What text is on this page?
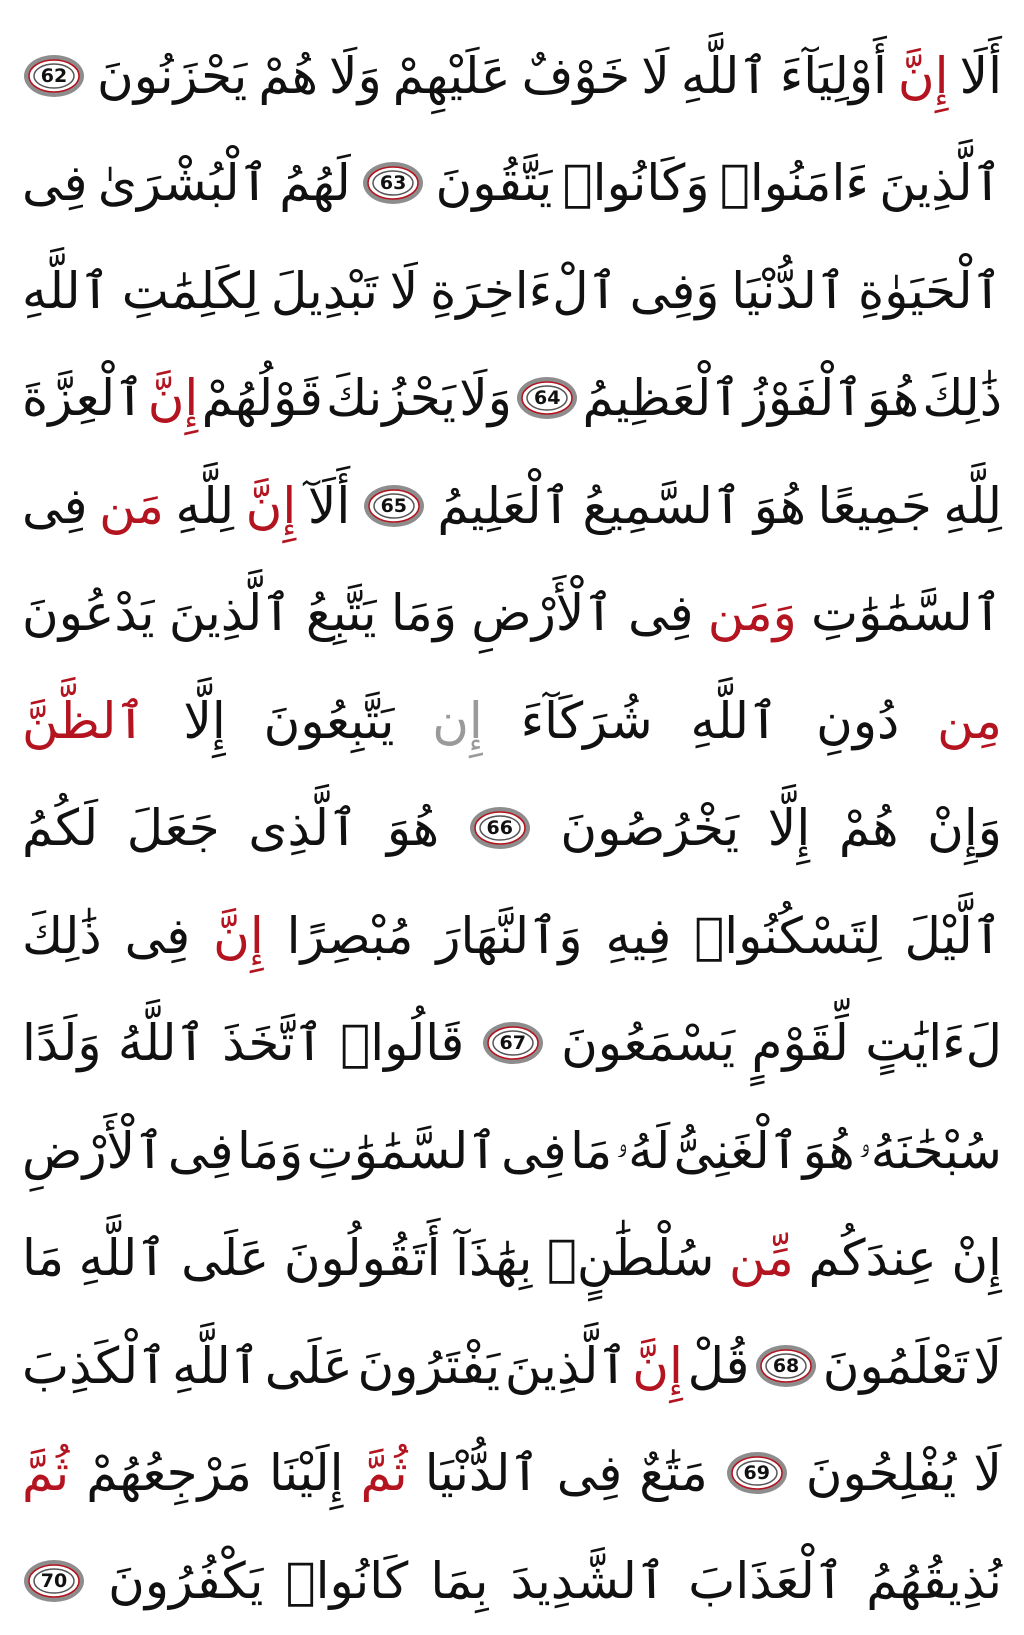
أَلَا
إِنَّ
أَوْلِيَآءَ
ٱللَّهِ
لَا
خَوْفٌ
عَلَيْهِمْ
وَلَا
هُمْ
يَحْزَنُونَ
62
ٱلَّذِينَ
ءَامَنُوا۟
وَكَانُوا۟
يَتَّقُونَ
63
لَهُمُ
ٱلْبُشْرَىٰ
فِى
ٱلْحَيَوٰةِ
ٱلدُّنْيَا
وَفِى
ٱلْءَاخِرَةِ
لَا
تَبْدِيلَ
لِكَلِمَٰتِ
ٱللَّهِ
ذَٰلِكَ
هُوَ
ٱلْفَوْزُ
ٱلْعَظِيمُ
64
وَلَا
يَحْزُنكَ
قَوْلُهُمْ
إِنَّ
ٱلْعِزَّةَ
لِلَّهِ
جَمِيعًا
هُوَ
ٱلسَّمِيعُ
ٱلْعَلِيمُ
65
أَلَآ
إِنَّ
لِلَّهِ
مَن
فِى
ٱلسَّمَٰوَٰتِ
وَمَن
فِى
ٱلْأَرْضِ
وَمَا
يَتَّبِعُ
ٱلَّذِينَ
يَدْعُونَ
مِن
دُونِ
ٱللَّهِ
شُرَكَآءَ
إِن
يَتَّبِعُونَ
إِلَّا
ٱلظَّنَّ
وَإِنْ
هُمْ
إِلَّا
يَخْرُصُونَ
66
هُوَ
ٱلَّذِى
جَعَلَ
لَكُمُ
ٱلَّيْلَ
لِتَسْكُنُوا۟
فِيهِ
وَٱلنَّهَارَ
مُبْصِرًا
إِنَّ
فِى
ذَٰلِكَ
لَءَايَٰتٍ
لِّقَوْمٍ
يَسْمَعُونَ
67
قَالُوا۟
ٱتَّخَذَ
ٱللَّهُ
وَلَدًا
سُبْحَٰنَهُۥ
هُوَ
ٱلْغَنِىُّ
لَهُۥ
مَا
فِى
ٱلسَّمَٰوَٰتِ
وَمَا
فِى
ٱلْأَرْضِ
إِنْ
عِندَكُم
مِّن
سُلْطَٰنٍۭ
بِهَٰذَآ
أَتَقُولُونَ
عَلَى
ٱللَّهِ
مَا
لَا
تَعْلَمُونَ
68
قُلْ
إِنَّ
ٱلَّذِينَ
يَفْتَرُونَ
عَلَى
ٱللَّهِ
ٱلْكَذِبَ
لَا
يُفْلِحُونَ
69
مَتَٰعٌ
فِى
ٱلدُّنْيَا
ثُمَّ
إِلَيْنَا
مَرْجِعُهُمْ
ثُمَّ
نُذِيقُهُمُ
ٱلْعَذَابَ
ٱلشَّدِيدَ
بِمَا
كَانُوا۟
يَكْفُرُونَ
70
